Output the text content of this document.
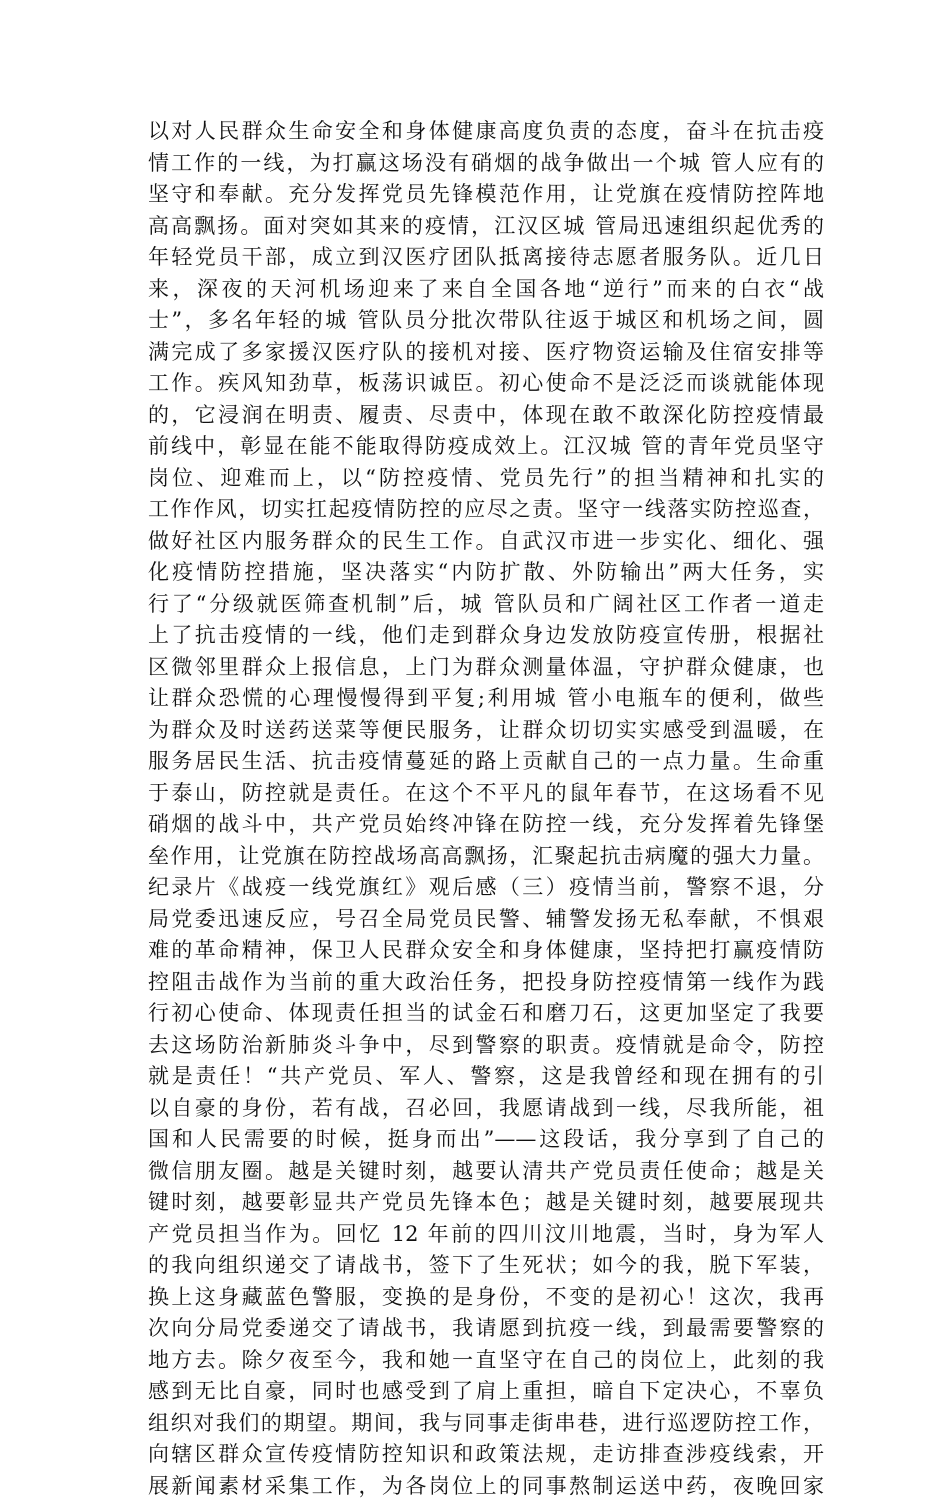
以对人民群众生命安全和身体健康高度负责的态度，奋斗在抗击疫
情工作的一线，为打赢这场没有硝烟的战争做出一个城 管人应有的
坚守和奉献。充分发挥党员先锋模范作用，让党旗在疫情防控阵地
高高飘扬。面对突如其来的疫情，江汉区城 管局迅速组织起优秀的
年轻党员干部，成立到汉医疗团队抵离接待志愿者服务队。近几日
来，深夜的天河机场迎来了来自全国各地“逆行”而来的白衣“战
士”，多名年轻的城 管队员分批次带队往返于城区和机场之间，圆
满完成了多家援汉医疗队的接机对接、医疗物资运输及住宿安排等
工作。疾风知劲草，板荡识诚臣。初心使命不是泛泛而谈就能体现
的，它浸润在明责、履责、尽责中，体现在敢不敢深化防控疫情最
前线中，彰显在能不能取得防疫成效上。江汉城 管的青年党员坚守
岗位、迎难而上，以“防控疫情、党员先行”的担当精神和扎实的
工作作风，切实扛起疫情防控的应尽之责。坚守一线落实防控巡查，
做好社区内服务群众的民生工作。自武汉市进一步实化、细化、强
化疫情防控措施，坚决落实“内防扩散、外防输出”两大任务，实
行了“分级就医筛查机制”后，城 管队员和广阔社区工作者一道走
上了抗击疫情的一线，他们走到群众身边发放防疫宣传册，根据社
区微邻里群众上报信息，上门为群众测量体温，守护群众健康，也
让群众恐慌的心理慢慢得到平复;利用城 管小电瓶车的便利，做些
为群众及时送药送菜等便民服务，让群众切切实实感受到温暖，在
服务居民生活、抗击疫情蔓延的路上贡献自己的一点力量。生命重
于泰山，防控就是责任。在这个不平凡的鼠年春节，在这场看不见
硝烟的战斗中，共产党员始终冲锋在防控一线，充分发挥着先锋堡
垒作用，让党旗在防控战场高高飘扬，汇聚起抗击病魔的强大力量。
纪录片《战疫一线党旗红》观后感（三）疫情当前，警察不退，分
局党委迅速反应，号召全局党员民警、辅警发扬无私奉献，不惧艰
难的革命精神，保卫人民群众安全和身体健康，坚持把打赢疫情防
控阻击战作为当前的重大政治任务，把投身防控疫情第一线作为践
行初心使命、体现责任担当的试金石和磨刀石，这更加坚定了我要
去这场防治新肺炎斗争中，尽到警察的职责。疫情就是命令，防控
就是责任！“共产党员、军人、警察，这是我曾经和现在拥有的引
以自豪的身份，若有战，召必回，我愿请战到一线，尽我所能，祖
国和人民需要的时候，挺身而出”——这段话，我分享到了自己的
微信朋友圈。越是关键时刻，越要认清共产党员责任使命；越是关
键时刻，越要彰显共产党员先锋本色；越是关键时刻，越要展现共
产党员担当作为。回忆 12 年前的四川汶川地震，当时，身为军人
的我向组织递交了请战书，签下了生死状；如今的我，脱下军装，
换上这身藏蓝色警服，变换的是身份，不变的是初心！这次，我再
次向分局党委递交了请战书，我请愿到抗疫一线，到最需要警察的
地方去。除夕夜至今，我和她一直坚守在自己的岗位上，此刻的我
感到无比自豪，同时也感受到了肩上重担，暗自下定决心，不辜负
组织对我们的期望。期间，我与同事走街串巷，进行巡逻防控工作，
向辖区群众宣传疫情防控知识和政策法规，走访排查涉疫线索，开
展新闻素材采集工作，为各岗位上的同事熬制运送中药，夜晚回家
